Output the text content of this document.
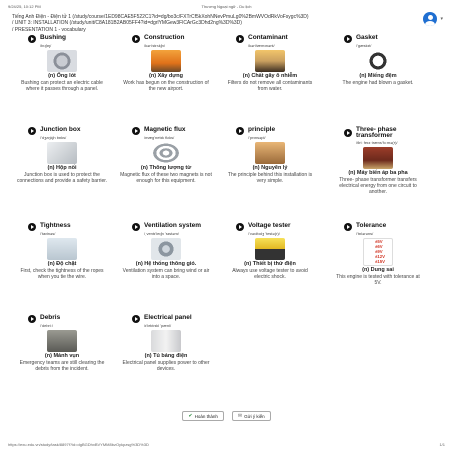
9/24/25, 10:12 PM	Thương Ngoại ngữ - Du lịch
Tiếng Anh Điện - Điện tử 1 (/study/course/1ED98CAE5F522C1?id=dg/bo3c/FXTrCf5kXohNNevPmuLg0%2BmWVOdRkVoFsygc%3D)
/ UNIT 3: INSTALLATION (/study/unit/C8A181B2AB05FF4?id=dgrlYMGew3FlCArGc3Dhd2ng%3D%3D)
/ PRESENTATION 1 - vocabulary
▾
Bushing
/bʊʃɪŋ/
(n) Ống lót
Bushing can protect an electric cable where it passes through a panel.
Construction
/kən'strʌkʃn/
(n) Xây dựng
Work has begun on the construction of the new airport.
Contaminant
/kən'tæmɪnənt/
(n) Chất gây ô nhiễm
Filters do not remove all contaminants from water.
Gasket
/'gæskɪt/
(n) Miếng đệm
The engine had blown a gasket.
Junction box
/'dʒʌŋkʃn bɒks/
(n) Hộp nối
Junction box is used to protect the connections and provide a safety barrier.
Magnetic flux
/mæg'netɪk flʌks/
(n) Thông lượng từ
Magnetic flux of these two magnets is not enough for this equipment.
principle
/'prɪnsəpl/
(n) Nguyên lý
The principle behind this installation is very simple.
Three- phase transformer
/θriː feɪz træns'fɔːmə(r)/
(n) Máy biến áp ba pha
Three- phase transformer transfers electrical energy from one circuit to another.
Tightness
/'taɪtnəs/
(n) Độ chặt
First, check the tightness of the ropes when you tie the wire.
Ventilation system
/ˌventɪ'leɪʃn 'sɪstəm/
(n) Hệ thống thông gió.
Ventilation system can bring wind or air into a space.
Voltage tester
/'vəʊltɪdʒ 'testə(r)/
(n) Thiết bị thử điện
Always use voltage tester to avoid electric shock.
Tolerance
/'tɒlərəns/
±5V
±6V
±9V
±12V
±15V
(n) Dung sai
This engine is tested with tolerance at 5V.
Debris
/'debriː/
(n) Mảnh vụn
Emergency teams are still clearing the debris from the incident.
Electrical panel
/ɪ'lektrɪkl 'pænl/
(n) Tủ bảng điện
Electrical panel supplies power to other devices.
✔ Hoàn thành	✉ Gửi ý kiến
https://exu.edu.vn/study/task/8897f?id=dgBGDhxBVYMM8bzOykpzsg%3D%3D	1/1
